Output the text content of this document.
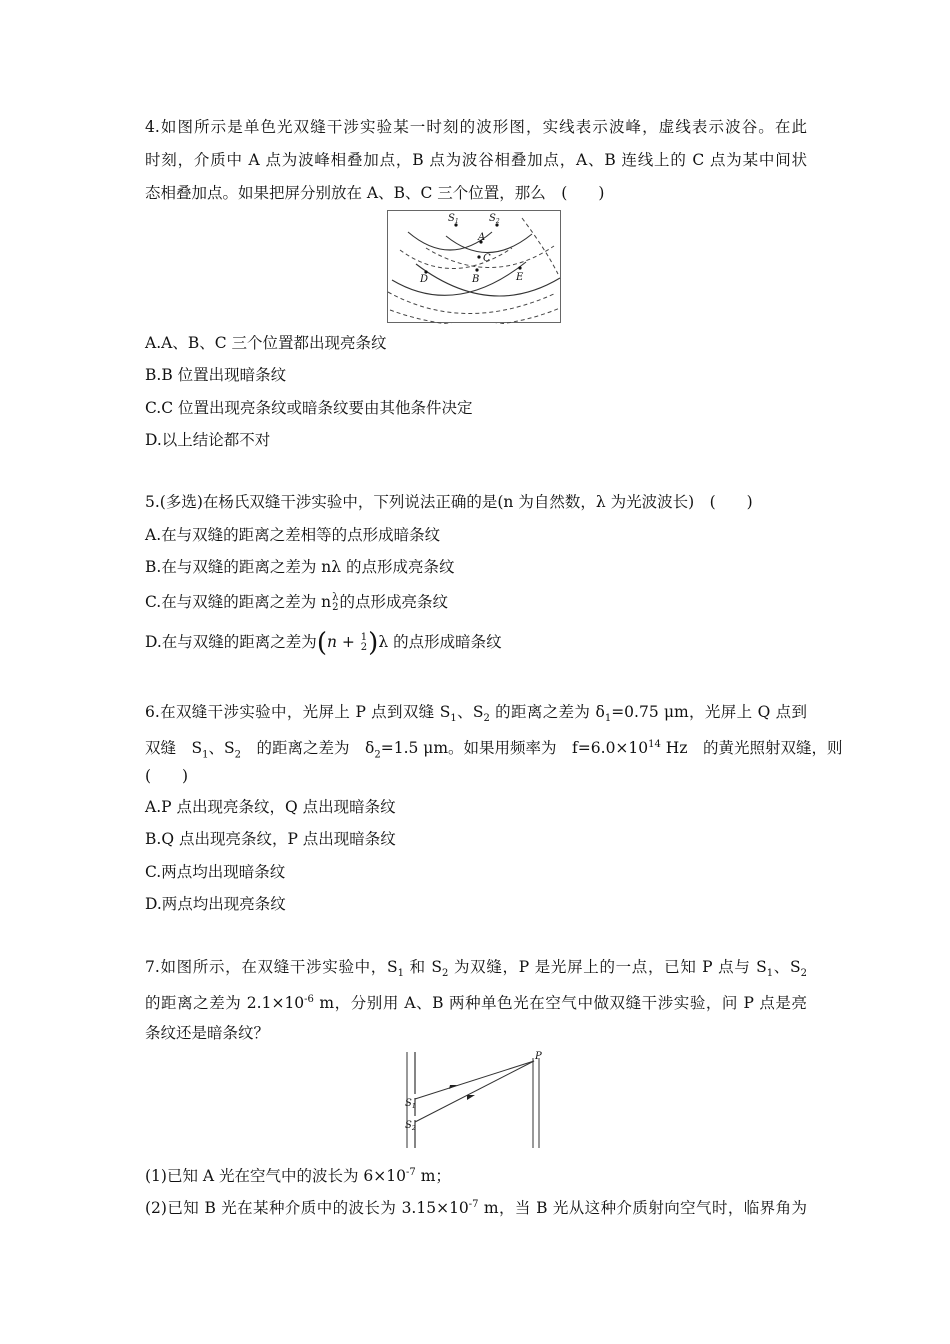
4.如图所示是单色光双缝干涉实验某一时刻的波形图，实线表示波峰，虚线表示波谷。在此
时刻，介质中 A 点为波峰相叠加点，B 点为波谷相叠加点，A、B 连线上的 C 点为某中间状
态相叠加点。如果把屏分别放在 A、B、C 三个位置，那么　(　　)
$S_1$	$S_2$
A
C
D	B	E
A.A、B、C 三个位置都出现亮条纹
B.B 位置出现暗条纹
C.C 位置出现亮条纹或暗条纹要由其他条件决定
D.以上结论都不对
5.(多选)在杨氏双缝干涉实验中，下列说法正确的是(n 为自然数，λ 为光波波长)　(　　)
A.在与双缝的距离之差相等的点形成暗条纹
B.在与双缝的距离之差为 nλ 的点形成亮条纹
C.在与双缝的距离之差为 n λ
2 的点形成亮条纹
D.在与双缝的距离之差为(n + 1
2 )λ 的点形成暗条纹
6.在双缝干涉实验中，光屏上 P 点到双缝 $S_1$、$S_2$ 的距离之差为 $\delta_1=0.75$ μm，光屏上 Q 点到
双缝　$S_1$、$S_2$　的距离之差为　$\delta_2=1.5$ μm。如果用频率为　$f=6.0\times 10^{14}$ Hz　的黄光照射双缝，则
(　　)
A.P 点出现亮条纹，Q 点出现暗条纹
B.Q 点出现亮条纹，P 点出现暗条纹
C.两点均出现暗条纹
D.两点均出现亮条纹
7.如图所示，在双缝干涉实验中，$S_1$ 和 $S_2$ 为双缝，P 是光屏上的一点，已知 P 点与 $S_1$、$S_2$
的距离之差为 $2.1\times 10^{-6}$ m，分别用 A、B 两种单色光在空气中做双缝干涉实验，问 P 点是亮
条纹还是暗条纹？
P
$S_1$
$S_2$
(1)已知 A 光在空气中的波长为 $6\times 10^{-7}$ m；
(2)已知 B 光在某种介质中的波长为 $3.15\times 10^{-7}$ m，当 B 光从这种介质射向空气时，临界角为
